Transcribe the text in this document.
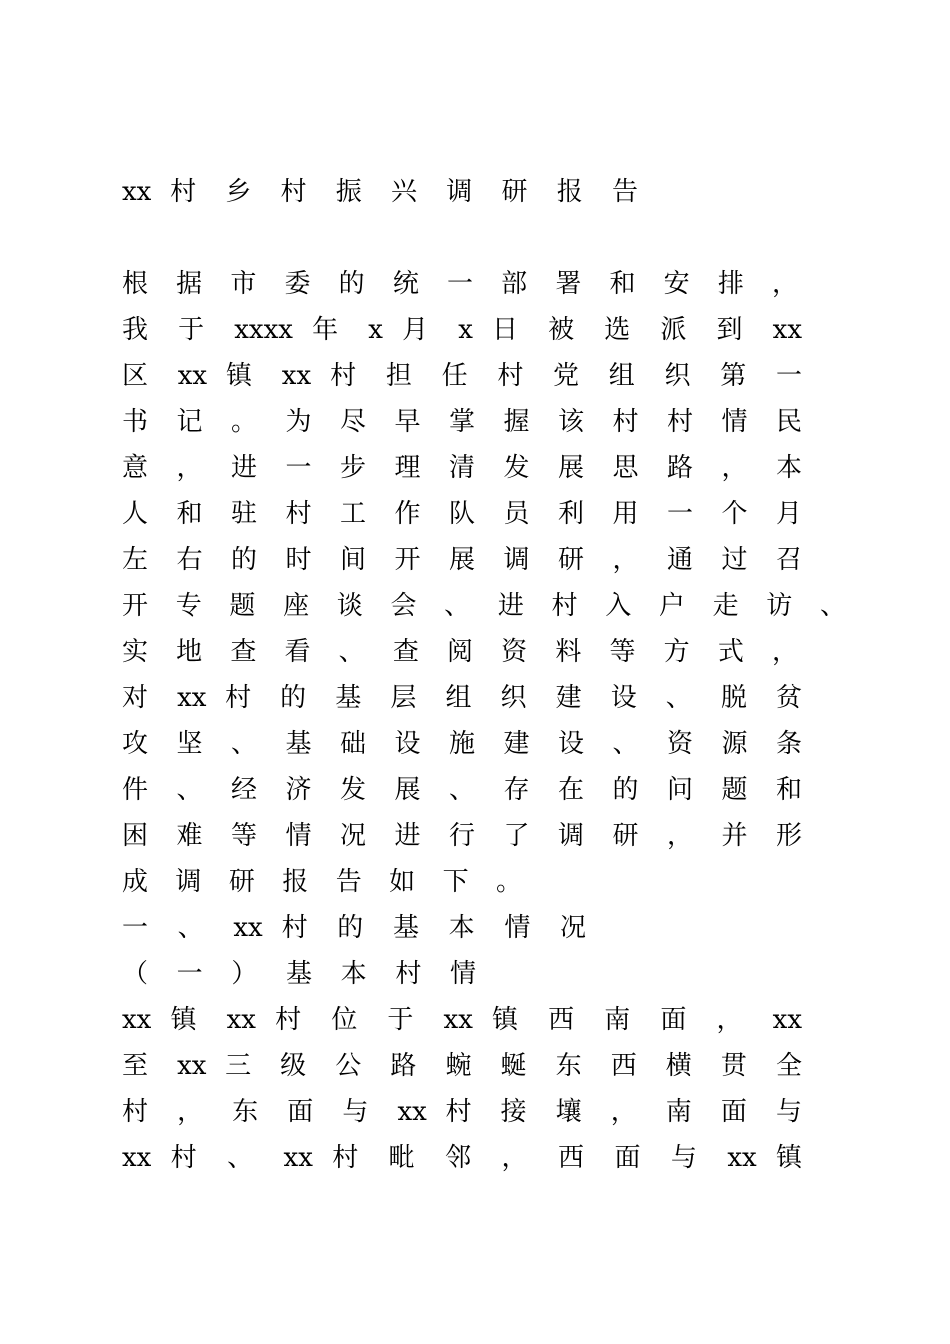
xx 村 乡 村 振 兴 调 研 报 告
根 据 市 委 的 统 一 部 署 和 安 排 ，
我 于 xxxx 年 x 月 x 日 被 选 派 到 xx
区 xx 镇 xx 村 担 任 村 党 组 织 第 一
书 记 。 为 尽 早 掌 握 该 村 村 情 民
意 ， 进 一 步 理 清 发 展 思 路 ， 本
人 和 驻 村 工 作 队 员 利 用 一 个 月
左 右 的 时 间 开 展 调 研 ， 通 过 召
开 专 题 座 谈 会 、 进 村 入 户 走 访 、
实 地 查 看 、 查 阅 资 料 等 方 式 ，
对 xx 村 的 基 层 组 织 建 设 、 脱 贫
攻 坚 、 基 础 设 施 建 设 、 资 源 条
件 、 经 济 发 展 、 存 在 的 问 题 和
困 难 等 情 况 进 行 了 调 研 ， 并 形
成 调 研 报 告 如 下 。
一 、 xx 村 的 基 本 情 况
（ 一 ） 基 本 村 情
xx 镇 xx 村 位 于 xx 镇 西 南 面 ， xx
至 xx 三 级 公 路 蜿 蜒 东 西 横 贯 全
村 ， 东 面 与 xx 村 接 壤 ， 南 面 与
xx 村 、 xx 村 毗 邻 ， 西 面 与 xx 镇
